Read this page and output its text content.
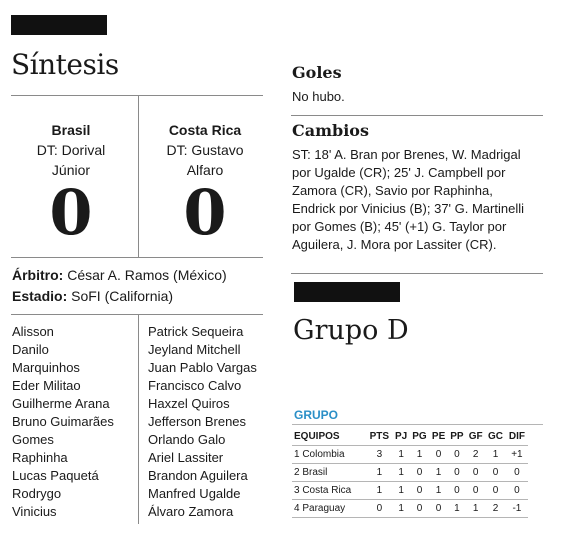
Síntesis
Brasil
DT: Dorival
Júnior
0
Costa Rica
DT: Gustavo
Alfaro
0
Árbitro: César A. Ramos (México)
Estadio: SoFI (California)
Alisson
Danilo
Marquinhos
Eder Militao
Guilherme Arana
Bruno Guimarães
Gomes
Raphinha
Lucas Paquetá
Rodrygo
Vinicius
Patrick Sequeira
Jeyland Mitchell
Juan Pablo Vargas
Francisco Calvo
Haxzel Quiros
Jefferson Brenes
Orlando Galo
Ariel Lassiter
Brandon Aguilera
Manfred Ugalde
Álvaro Zamora
Goles
No hubo.
Cambios
ST: 18' A. Bran por Brenes, W. Madrigal
por Ugalde (CR); 25' J. Campbell por
Zamora (CR), Savio por Raphinha,
Endrick por Vinicius (B); 37' G. Martinelli
por Gomes (B); 45' (+1) G. Taylor por
Aguilera, J. Mora por Lassiter (CR).
Grupo D
GRUPO
EQUIPOS	PTS	PJ	PG	PE	PP	GF	GC	DIF
1 Colombia	3	1	1	0	0	2	1	+1
2 Brasil	1	1	0	1	0	0	0	0
3 Costa Rica	1	1	0	1	0	0	0	0
4 Paraguay	0	1	0	0	1	1	2	-1
